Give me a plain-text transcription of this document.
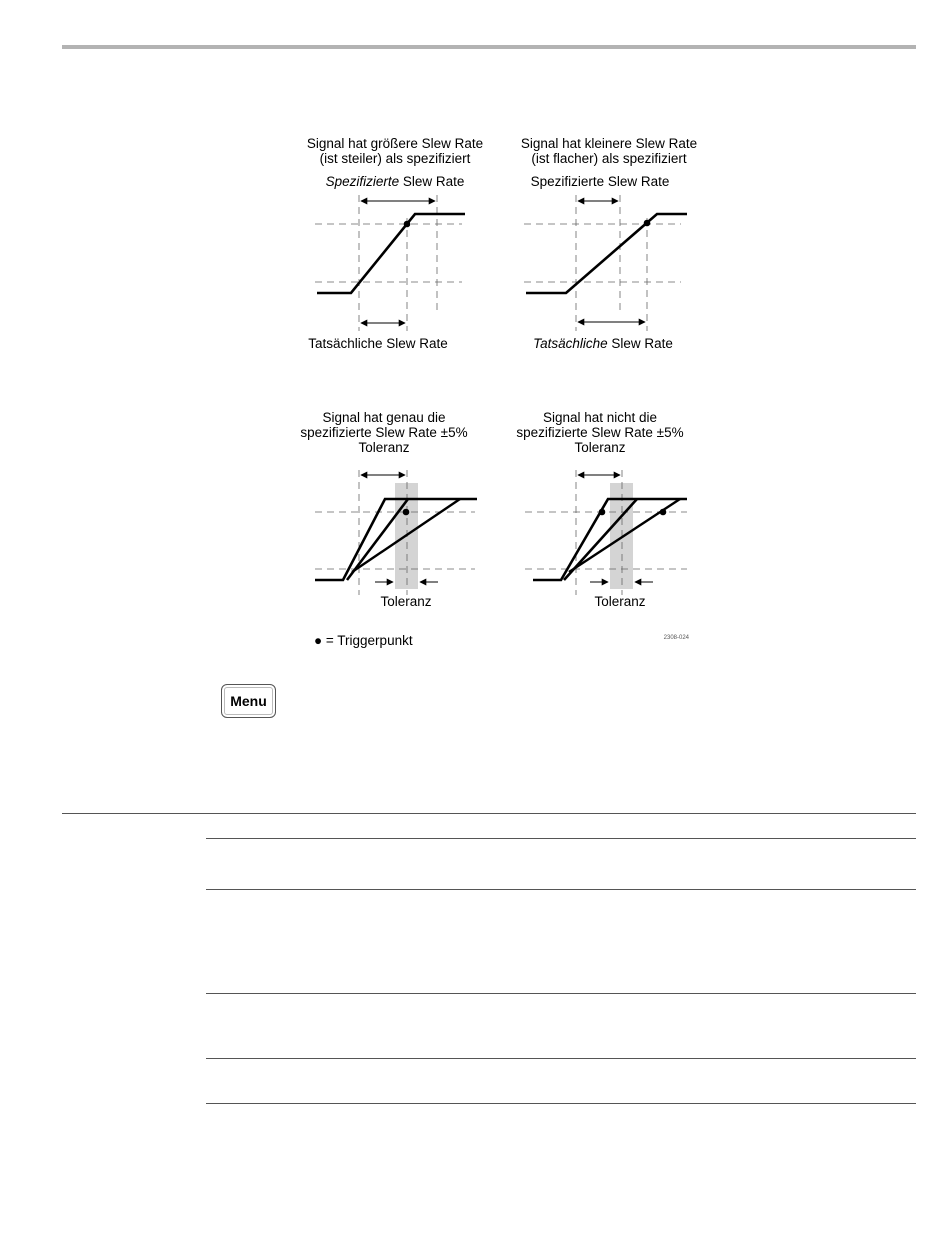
Signal hat größere Slew Rate
(ist steiler) als spezifiziert
Spezifizierte Slew Rate
Tatsächliche Slew Rate
Signal hat kleinere Slew Rate
(ist flacher) als spezifiziert
Spezifizierte Slew Rate
Tatsächliche Slew Rate
Signal hat genau die
spezifizierte Slew Rate ±5%
Toleranz
Toleranz
Signal hat nicht die
spezifizierte Slew Rate ±5%
Toleranz
Toleranz
● = Triggerpunkt	2308-024
Menu
